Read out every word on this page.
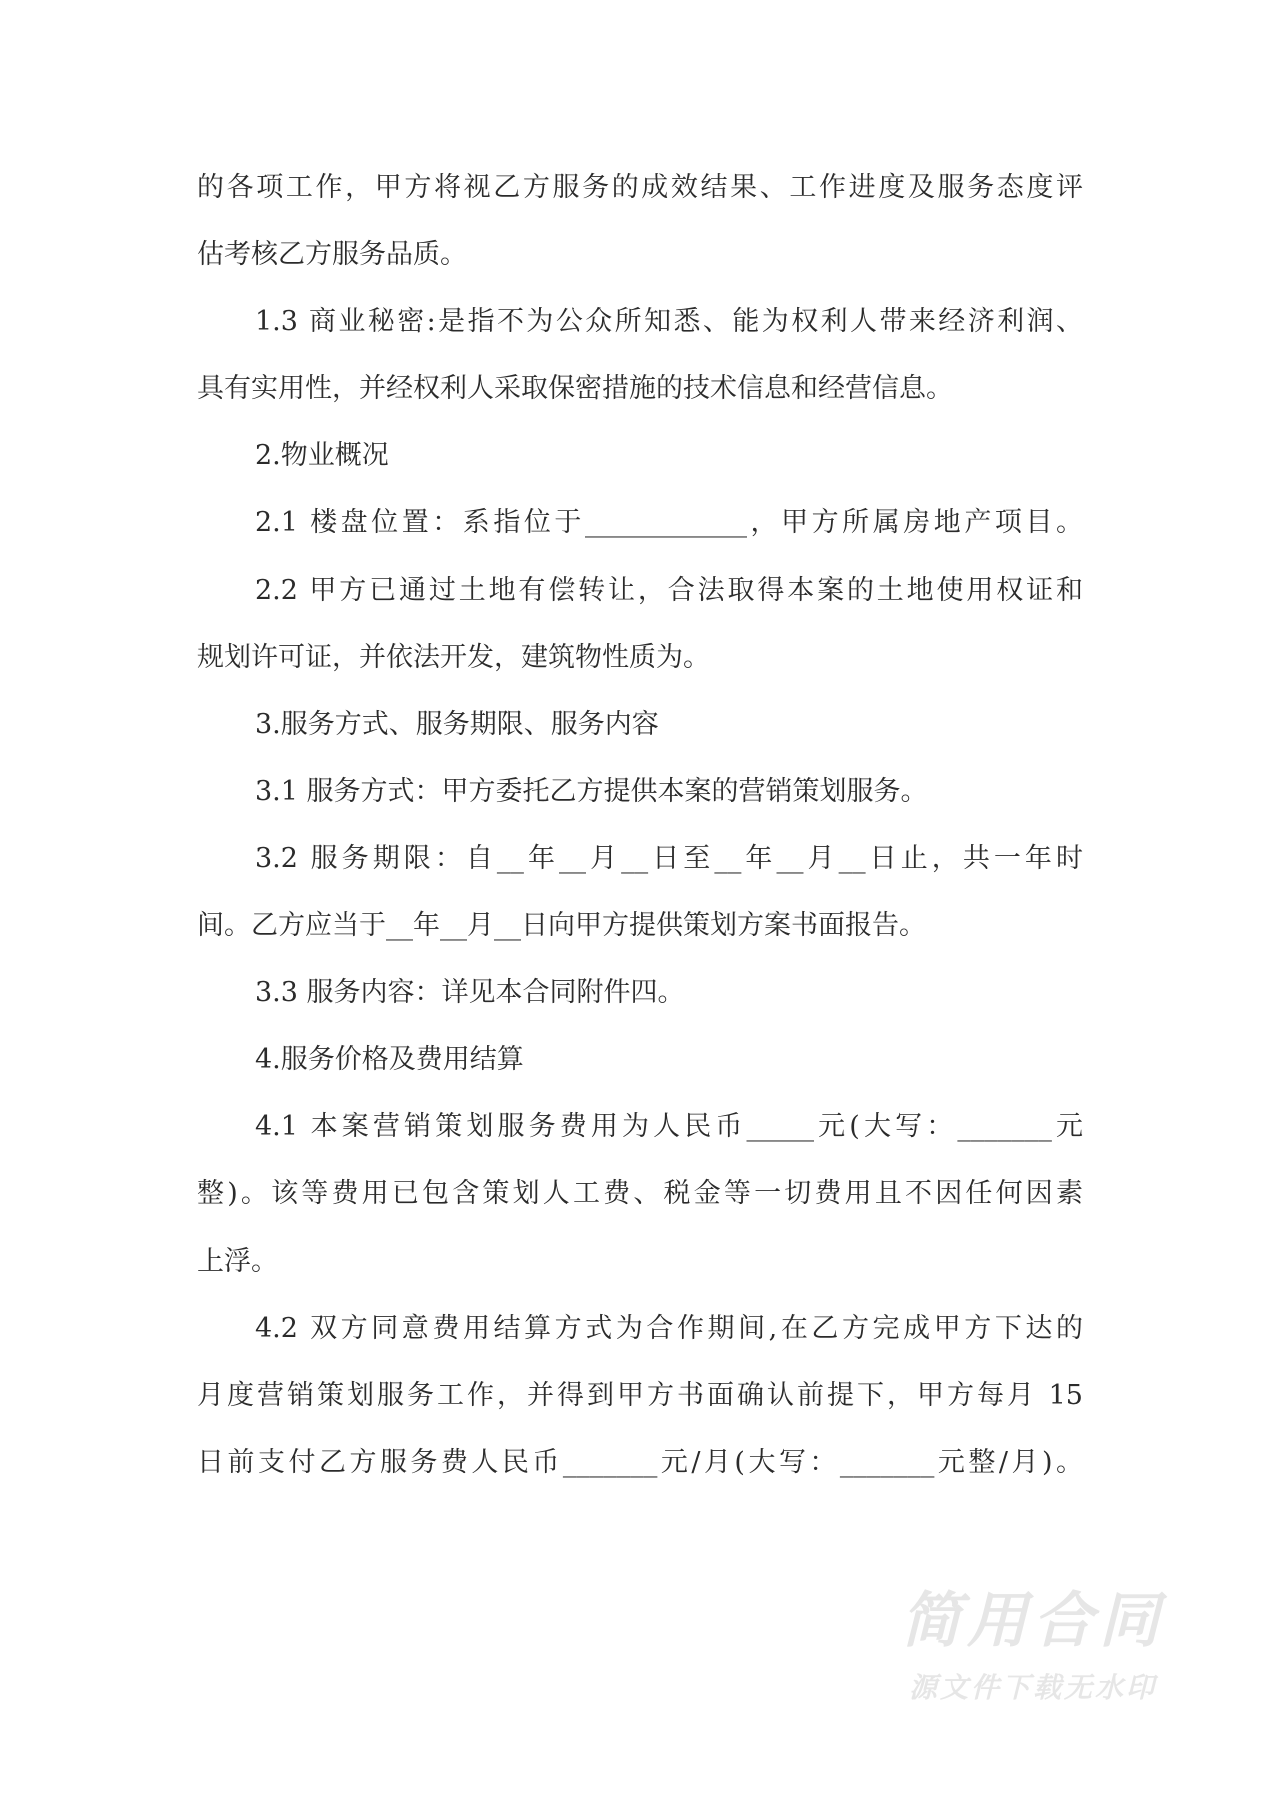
的各项工作，甲方将视乙方服务的成效结果、工作进度及服务态度评
估考核乙方服务品质。
1.3 商业秘密:是指不为公众所知悉、能为权利人带来经济利润、
具有实用性，并经权利人采取保密措施的技术信息和经营信息。
2.物业概况
2.1 楼盘位置：系指位于____________，甲方所属房地产项目。
2.2 甲方已通过土地有偿转让，合法取得本案的土地使用权证和
规划许可证，并依法开发，建筑物性质为。
3.服务方式、服务期限、服务内容
3.1 服务方式：甲方委托乙方提供本案的营销策划服务。
3.2 服务期限：自__年__月__日至__年__月__日止，共一年时
间。乙方应当于__年__月__日向甲方提供策划方案书面报告。
3.3 服务内容：详见本合同附件四。
4.服务价格及费用结算
4.1 本案营销策划服务费用为人民币_____元(大写：_______元
整)。该等费用已包含策划人工费、税金等一切费用且不因任何因素
上浮。
4.2 双方同意费用结算方式为合作期间,在乙方完成甲方下达的
月度营销策划服务工作，并得到甲方书面确认前提下，甲方每月 15
日前支付乙方服务费人民币_______元/月(大写：_______元整/月)。
简用合同
源文件下载无水印
